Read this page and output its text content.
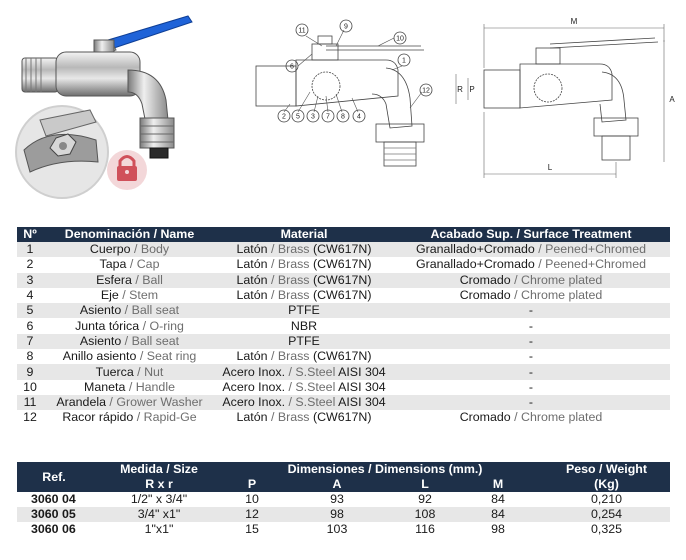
11
9
10
6
1
12
2 5 3 7 8 4
M
A
L
P
R
Nº	Denominación / Name	Material	Acabado Sup. / Surface Treatment
1	Cuerpo / Body	Latón / Brass (CW617N)	Granallado+Cromado / Peened+Chromed
2	Tapa / Cap	Latón / Brass (CW617N)	Granallado+Cromado / Peened+Chromed
3	Esfera / Ball	Latón / Brass (CW617N)	Cromado / Chrome plated
4	Eje / Stem	Latón / Brass (CW617N)	Cromado / Chrome plated
5	Asiento / Ball seat	PTFE	-
6	Junta tórica / O-ring	NBR	-
7	Asiento / Ball seat	PTFE	-
8	Anillo asiento / Seat ring	Latón / Brass (CW617N)	-
9	Tuerca / Nut	Acero Inox. / S.Steel AISI 304	-
10	Maneta / Handle	Acero Inox. / S.Steel AISI 304	-
11	Arandela / Grower Washer	Acero Inox. / S.Steel AISI 304	-
12	Racor rápido / Rapid-Ge	Latón / Brass (CW617N)	Cromado / Chrome plated
Ref.	Medida / Size	Dimensiones / Dimensions (mm.)				Peso / Weight
	R x r	P	A	L	M	(Kg)
3060 04	1/2" x 3/4"	10	93	92	84	0,210
3060 05	3/4" x1"	12	98	108	84	0,254
3060 06	1"x1"	15	103	116	98	0,325
